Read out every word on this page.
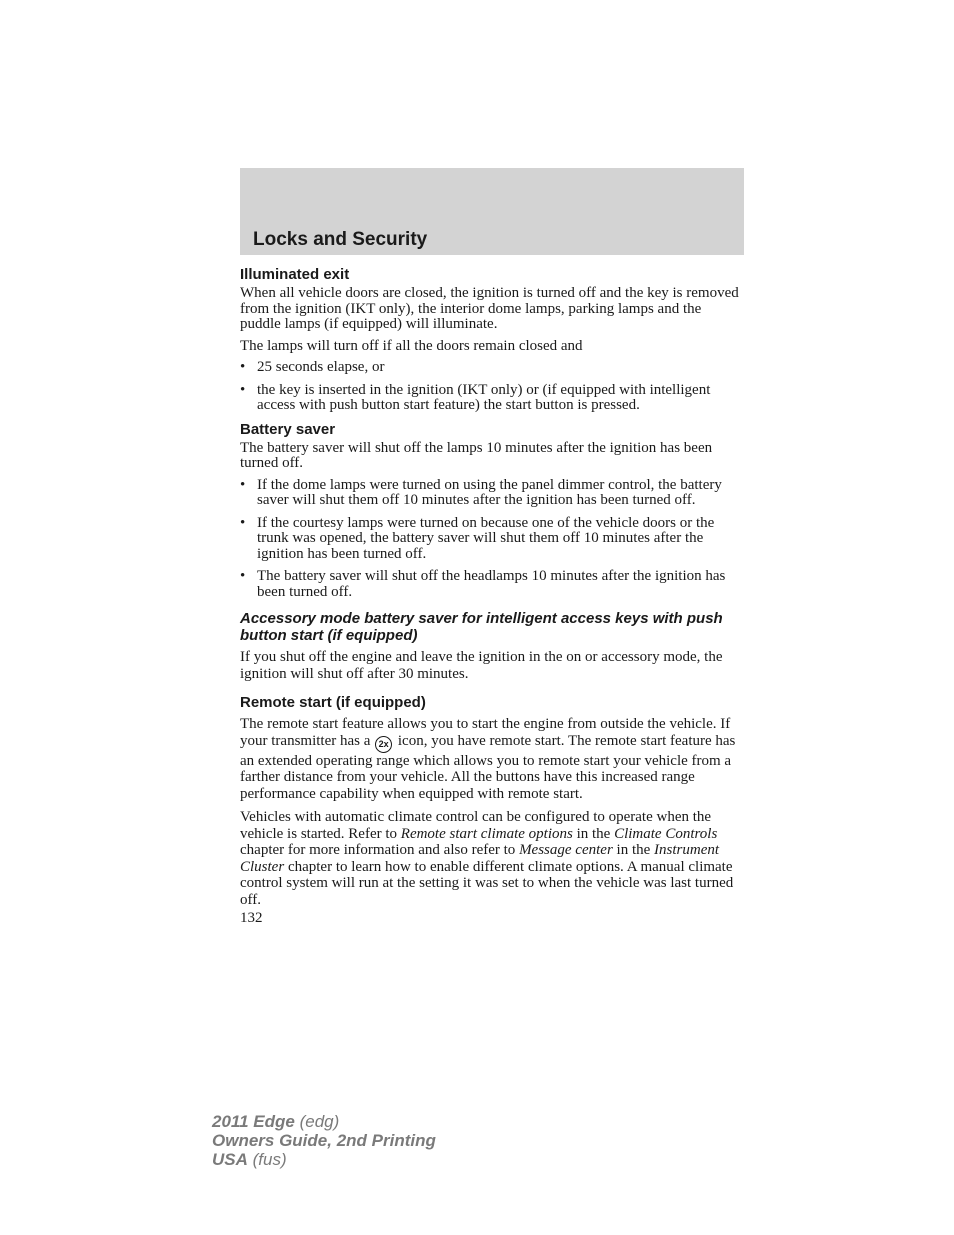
Locks and Security
Illuminated exit

When all vehicle doors are closed, the ignition is turned off and the key is removed from the ignition (IKT only), the interior dome lamps, parking lamps and the puddle lamps (if equipped) will illuminate.

The lamps will turn off if all the doors remain closed and

• 25 seconds elapse, or
• the key is inserted in the ignition (IKT only) or (if equipped with intelligent access with push button start feature) the start button is pressed.
Battery saver

The battery saver will shut off the lamps 10 minutes after the ignition has been turned off.

• If the dome lamps were turned on using the panel dimmer control, the battery saver will shut them off 10 minutes after the ignition has been turned off.
• If the courtesy lamps were turned on because one of the vehicle doors or the trunk was opened, the battery saver will shut them off 10 minutes after the ignition has been turned off.
• The battery saver will shut off the headlamps 10 minutes after the ignition has been turned off.
Accessory mode battery saver for intelligent access keys with push button start (if equipped)

If you shut off the engine and leave the ignition in the on or accessory mode, the ignition will shut off after 30 minutes.

Remote start (if equipped)

The remote start feature allows you to start the engine from outside the vehicle. If your transmitter has a 2x icon, you have remote start. The remote start feature has an extended operating range which allows you to remote start your vehicle from a farther distance from your vehicle. All the buttons have this increased range performance capability when equipped with remote start.

Vehicles with automatic climate control can be configured to operate when the vehicle is started. Refer to Remote start climate options in the Climate Controls chapter for more information and also refer to Message center in the Instrument Cluster chapter to learn how to enable different climate options. A manual climate control system will run at the setting it was set to when the vehicle was last turned off.

132
2011 Edge (edg)
Owners Guide, 2nd Printing
USA (fus)
